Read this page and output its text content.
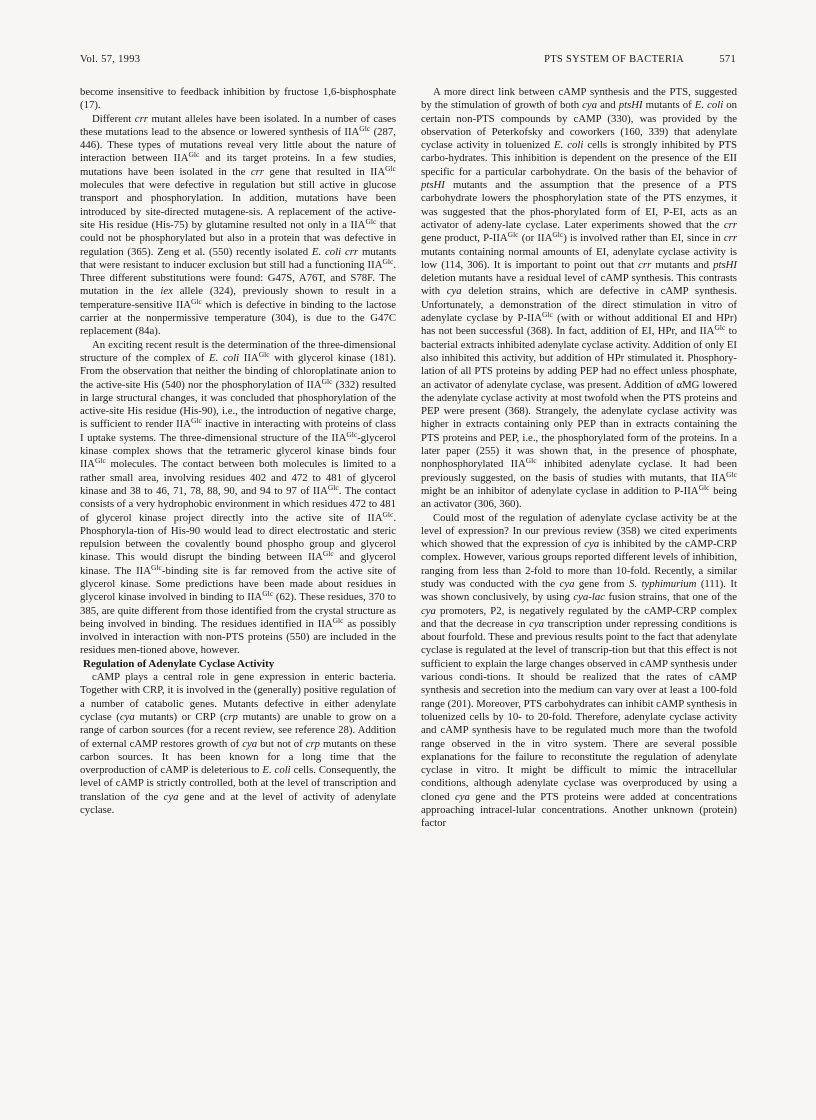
Vol. 57, 1993	PTS SYSTEM OF BACTERIA	571

become insensitive to feedback inhibition by fructose 1,6-bisphosphate (17).

Different crr mutant alleles have been isolated. In a number of cases these mutations lead to the absence or lowered synthesis of $IIA^{Glc}$ (287, 446). These types of mutations reveal very little about the nature of interaction between $IIA^{Glc}$ and its target proteins. In a few studies, mutations have been isolated in the crr gene that resulted in $IIA^{Glc}$ molecules that were defective in regulation but still active in glucose transport and phosphorylation. In addition, mutations have been introduced by site-directed mutagene-sis. A replacement of the active-site His residue (His-75) by glutamine resulted not only in a $IIA^{Glc}$ that could not be phosphorylated but also in a protein that was defective in regulation (365). Zeng et al. (550) recently isolated E. coli crr mutants that were resistant to inducer exclusion but still had a functioning $IIA^{Glc}$. Three different substitutions were found: G47S, A76T, and S78F. The mutation in the iex allele (324), previously shown to result in a temperature-sensitive $IIA^{Glc}$ which is defective in binding to the lactose carrier at the nonpermissive temperature (304), is due to the G47C replacement (84a).

An exciting recent result is the determination of the three-dimensional structure of the complex of E. coli $IIA^{Glc}$ with glycerol kinase (181). From the observation that neither the binding of chloroplatinate anion to the active-site His (540) nor the phosphorylation of $IIA^{Glc}$ (332) resulted in large structural changes, it was concluded that phosphorylation of the active-site His residue (His-90), i.e., the introduction of negative charge, is sufficient to render $IIA^{Glc}$ inactive in interacting with proteins of class I uptake systems. The three-dimensional structure of the $IIA^{Glc}$-glycerol kinase complex shows that the tetrameric glycerol kinase binds four $IIA^{Glc}$ molecules. The contact between both molecules is limited to a rather small area, involving residues 402 and 472 to 481 of glycerol kinase and 38 to 46, 71, 78, 88, 90, and 94 to 97 of $IIA^{Glc}$. The contact consists of a very hydrophobic environment in which residues 472 to 481 of glycerol kinase project directly into the active site of $IIA^{Glc}$. Phosphoryla-tion of His-90 would lead to direct electrostatic and steric repulsion between the covalently bound phospho group and glycerol kinase. This would disrupt the binding between $IIA^{Glc}$ and glycerol kinase. The $IIA^{Glc}$-binding site is far removed from the active site of glycerol kinase. Some predictions have been made about residues in glycerol kinase involved in binding to $IIA^{Glc}$ (62). These residues, 370 to 385, are quite different from those identified from the crystal structure as being involved in binding. The residues identified in $IIA^{Glc}$ as possibly involved in interaction with non-PTS proteins (550) are included in the residues men-tioned above, however.

Regulation of Adenylate Cyclase Activity

cAMP plays a central role in gene expression in enteric bacteria. Together with CRP, it is involved in the (generally) positive regulation of a number of catabolic genes. Mutants defective in either adenylate cyclase (cya mutants) or CRP (crp mutants) are unable to grow on a range of carbon sources (for a recent review, see reference 28). Addition of external cAMP restores growth of cya but not of crp mutants on these carbon sources. It has been known for a long time that the overproduction of cAMP is deleterious to E. coli cells. Consequently, the level of cAMP is strictly controlled, both at the level of transcription and translation of the cya gene and at the level of activity of adenylate cyclase.

A more direct link between cAMP synthesis and the PTS, suggested by the stimulation of growth of both cya and ptsHI mutants of E. coli on certain non-PTS compounds by cAMP (330), was provided by the observation of Peterkofsky and coworkers (160, 339) that adenylate cyclase activity in toluenized E. coli cells is strongly inhibited by PTS carbo-hydrates. This inhibition is dependent on the presence of the EII specific for a particular carbohydrate. On the basis of the behavior of ptsHI mutants and the assumption that the presence of a PTS carbohydrate lowers the phosphorylation state of the PTS enzymes, it was suggested that the phos-phorylated form of EI, P-EI, acts as an activator of adeny-late cyclase. Later experiments showed that the crr gene product, $P-IIA^{Glc}$ (or $IIA^{Glc}$) is involved rather than EI, since in crr mutants containing normal amounts of EI, adenylate cyclase activity is low (114, 306). It is important to point out that crr mutants and ptsHI deletion mutants have a residual level of cAMP synthesis. This contrasts with cya deletion strains, which are defective in cAMP synthesis. Unfortunately, a demonstration of the direct stimulation in vitro of adenylate cyclase by $P-IIA^{Glc}$ (with or without additional EI and HPr) has not been successful (368). In fact, addition of EI, HPr, and $IIA^{Glc}$ to bacterial extracts inhibited adenylate cyclase activity. Addition of only EI also inhibited this activity, but addition of HPr stimulated it. Phosphory-lation of all PTS proteins by adding PEP had no effect unless phosphate, an activator of adenylate cyclase, was present. Addition of αMG lowered the adenylate cyclase activity at most twofold when the PTS proteins and PEP were present (368). Strangely, the adenylate cyclase activity was higher in extracts containing only PEP than in extracts containing the PTS proteins and PEP, i.e., the phosphorylated form of the proteins. In a later paper (255) it was shown that, in the presence of phosphate, nonphosphorylated $IIA^{Glc}$ inhibited adenylate cyclase. It had been previously suggested, on the basis of studies with mutants, that $IIA^{Glc}$ might be an inhibitor of adenylate cyclase in addition to $P-IIA^{Glc}$ being an activator (306, 360).

Could most of the regulation of adenylate cyclase activity be at the level of expression? In our previous review (358) we cited experiments which showed that the expression of cya is inhibited by the cAMP-CRP complex. However, various groups reported different levels of inhibition, ranging from less than 2-fold to more than 10-fold. Recently, a similar study was conducted with the cya gene from S. typhimurium (111). It was shown conclusively, by using cya-lac fusion strains, that one of the cya promoters, P2, is negatively regulated by the cAMP-CRP complex and that the decrease in cya transcription under repressing conditions is about fourfold. These and previous results point to the fact that adenylate cyclase is regulated at the level of transcrip-tion but that this effect is not sufficient to explain the large changes observed in cAMP synthesis under various condi-tions. It should be realized that the rates of cAMP synthesis and secretion into the medium can vary over at least a 100-fold range (201). Moreover, PTS carbohydrates can inhibit cAMP synthesis in toluenized cells by 10- to 20-fold. Therefore, adenylate cyclase activity and cAMP synthesis have to be regulated much more than the twofold range observed in the in vitro system. There are several possible explanations for the failure to reconstitute the regulation of adenylate cyclase in vitro. It might be difficult to mimic the intracellular conditions, although adenylate cyclase was overproduced by using a cloned cya gene and the PTS proteins were added at concentrations approaching intracel-lular concentrations. Another unknown (protein) factor
